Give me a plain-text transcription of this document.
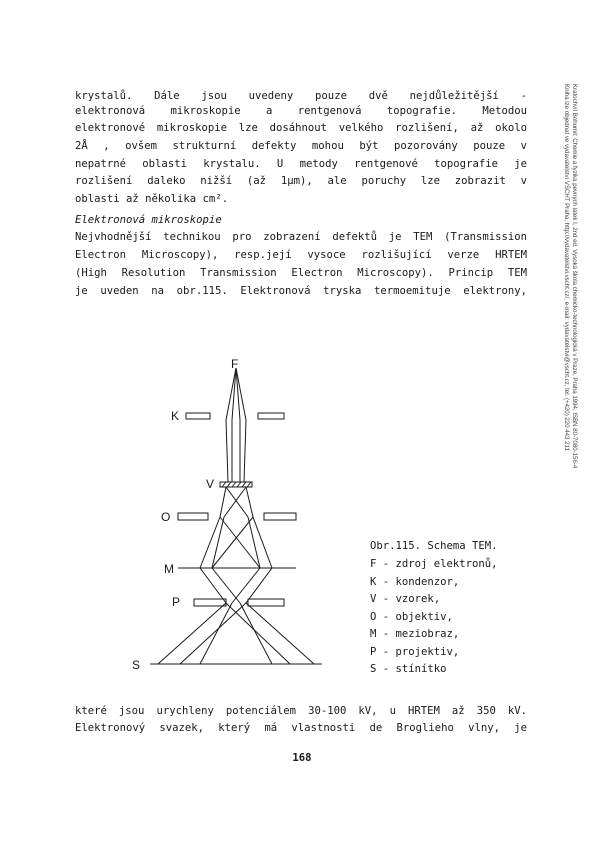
Kratochvíl Bohumil: Chemie a fyzika pevných látek I, 2nd ed. Vysoká škola chemicko-technologická v Praze, Praha 1994, ISBN 80-7080-156-4
Kniha lze objednat ve vydavatelství VŠCHT Praha, http://vydavatelstvi.vscht.cz/, e-mail: vydavatelstvi@vscht.cz, tel. (+420) 220 443 211
krystalů. Dále jsou uvedeny pouze dvě nejdůležitější -
elektronová mikroskopie a rentgenová topografie. Metodou
elektronové mikroskopie lze dosáhnout velkého rozlišení, až okolo
2Å , ovšem strukturní defekty mohou být pozorovány pouze v
nepatrné oblasti krystalu. U metody rentgenové topografie je
rozlišení daleko nižší (až 1μm), ale poruchy lze zobrazit v
oblasti až několika cm².
Elektronová mikroskopie
Nejvhodnější technikou pro zobrazení defektů je TEM (Transmission
Electron Microscopy), resp.její vysoce rozlišující verze HRTEM
(High Resolution Transmission Electron Microscopy). Princip TEM
je uveden na obr.115. Elektronová tryska termoemituje elektrony,
F
K
V
O
M
P
S
Obr.115. Schema TEM.
F - zdroj elektronů,
K - kondenzor,
V - vzorek,
O - objektiv,
M - meziobraz,
P - projektiv,
S - stínítko
které jsou urychleny potenciálem 30-100 kV, u HRTEM až 350 kV.
Elektronový svazek, který má vlastnosti de Broglieho vlny, je
168
